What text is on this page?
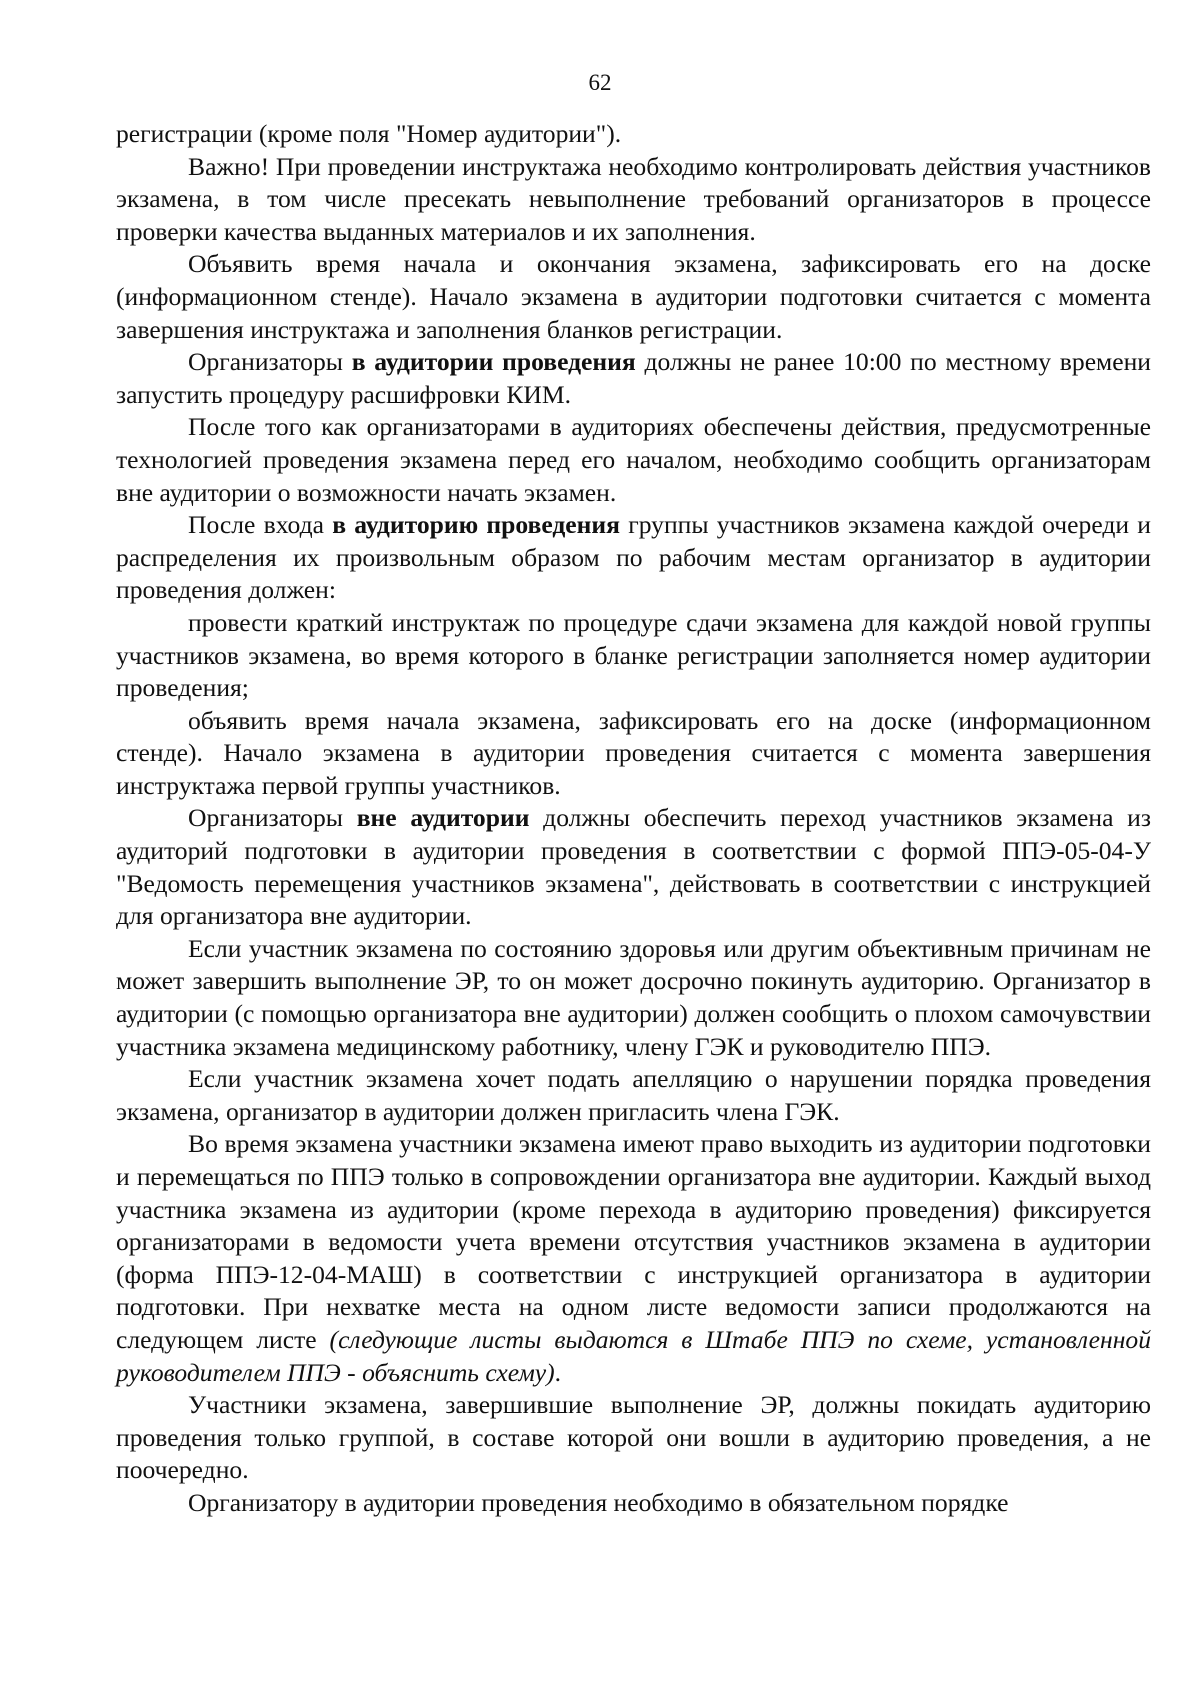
62

регистрации (кроме поля "Номер аудитории").

Важно! При проведении инструктажа необходимо контролировать действия участников экзамена, в том числе пресекать невыполнение требований организаторов в процессе проверки качества выданных материалов и их заполнения.

Объявить время начала и окончания экзамена, зафиксировать его на доске (информационном стенде). Начало экзамена в аудитории подготовки считается с момента завершения инструктажа и заполнения бланков регистрации.

Организаторы в аудитории проведения должны не ранее 10:00 по местному времени запустить процедуру расшифровки КИМ.

После того как организаторами в аудиториях обеспечены действия, предусмотренные технологией проведения экзамена перед его началом, необходимо сообщить организаторам вне аудитории о возможности начать экзамен.

После входа в аудиторию проведения группы участников экзамена каждой очереди и распределения их произвольным образом по рабочим местам организатор в аудитории проведения должен:

провести краткий инструктаж по процедуре сдачи экзамена для каждой новой группы участников экзамена, во время которого в бланке регистрации заполняется номер аудитории проведения;

объявить время начала экзамена, зафиксировать его на доске (информационном стенде). Начало экзамена в аудитории проведения считается с момента завершения инструктажа первой группы участников.

Организаторы вне аудитории должны обеспечить переход участников экзамена из аудиторий подготовки в аудитории проведения в соответствии с формой ППЭ-05-04-У "Ведомость перемещения участников экзамена", действовать в соответствии с инструкцией для организатора вне аудитории.

Если участник экзамена по состоянию здоровья или другим объективным причинам не может завершить выполнение ЭР, то он может досрочно покинуть аудиторию. Организатор в аудитории (с помощью организатора вне аудитории) должен сообщить о плохом самочувствии участника экзамена медицинскому работнику, члену ГЭК и руководителю ППЭ.

Если участник экзамена хочет подать апелляцию о нарушении порядка проведения экзамена, организатор в аудитории должен пригласить члена ГЭК.

Во время экзамена участники экзамена имеют право выходить из аудитории подготовки и перемещаться по ППЭ только в сопровождении организатора вне аудитории. Каждый выход участника экзамена из аудитории (кроме перехода в аудиторию проведения) фиксируется организаторами в ведомости учета времени отсутствия участников экзамена в аудитории (форма ППЭ-12-04-МАШ) в соответствии с инструкцией организатора в аудитории подготовки. При нехватке места на одном листе ведомости записи продолжаются на следующем листе (следующие листы выдаются в Штабе ППЭ по схеме, установленной руководителем ППЭ - объяснить схему).

Участники экзамена, завершившие выполнение ЭР, должны покидать аудиторию проведения только группой, в составе которой они вошли в аудиторию проведения, а не поочередно.

Организатору в аудитории проведения необходимо в обязательном порядке
